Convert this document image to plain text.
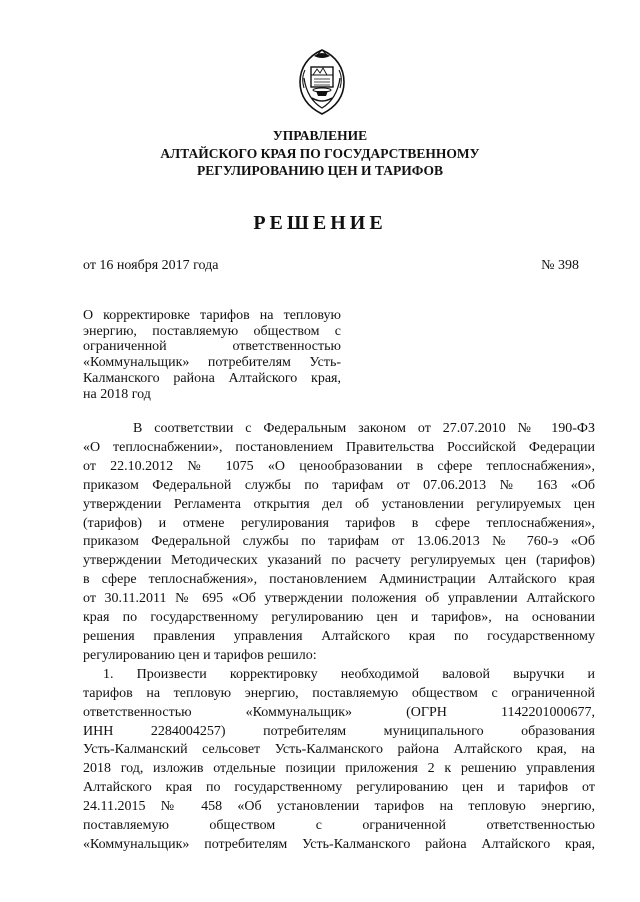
УПРАВЛЕНИЕ
АЛТАЙСКОГО КРАЯ ПО ГОСУДАРСТВЕННОМУ
РЕГУЛИРОВАНИЮ ЦЕН И ТАРИФОВ
РЕШЕНИЕ
от 16 ноября 2017 года	№ 398
О корректировке тарифов на тепловую
энергию, поставляемую обществом с
ограниченной ответственностью
«Коммунальщик» потребителям Усть-
Калманского района Алтайского края,
на 2018 год
В соответствии с Федеральным законом от 27.07.2010 № 190-ФЗ
«О теплоснабжении», постановлением Правительства Российской Федерации
от 22.10.2012 № 1075 «О ценообразовании в сфере теплоснабжения»,
приказом Федеральной службы по тарифам от 07.06.2013 № 163 «Об
утверждении Регламента открытия дел об установлении регулируемых цен
(тарифов) и отмене регулирования тарифов в сфере теплоснабжения»,
приказом Федеральной службы по тарифам от 13.06.2013 № 760-э «Об
утверждении Методических указаний по расчету регулируемых цен (тарифов)
в сфере теплоснабжения», постановлением Администрации Алтайского края
от 30.11.2011 № 695 «Об утверждении положения об управлении Алтайского
края по государственному регулированию цен и тарифов», на основании
решения правления управления Алтайского края по государственному
регулированию цен и тарифов решило:
1. Произвести корректировку необходимой валовой выручки и
тарифов на тепловую энергию, поставляемую обществом с ограниченной
ответственностью «Коммунальщик» (ОГРН 1142201000677,
ИНН 2284004257) потребителям муниципального образования
Усть-Калманский сельсовет Усть-Калманского района Алтайского края, на
2018 год, изложив отдельные позиции приложения 2 к решению управления
Алтайского края по государственному регулированию цен и тарифов от
24.11.2015 № 458 «Об установлении тарифов на тепловую энергию,
поставляемую обществом с ограниченной ответственностью
«Коммунальщик» потребителям Усть-Калманского района Алтайского края,
